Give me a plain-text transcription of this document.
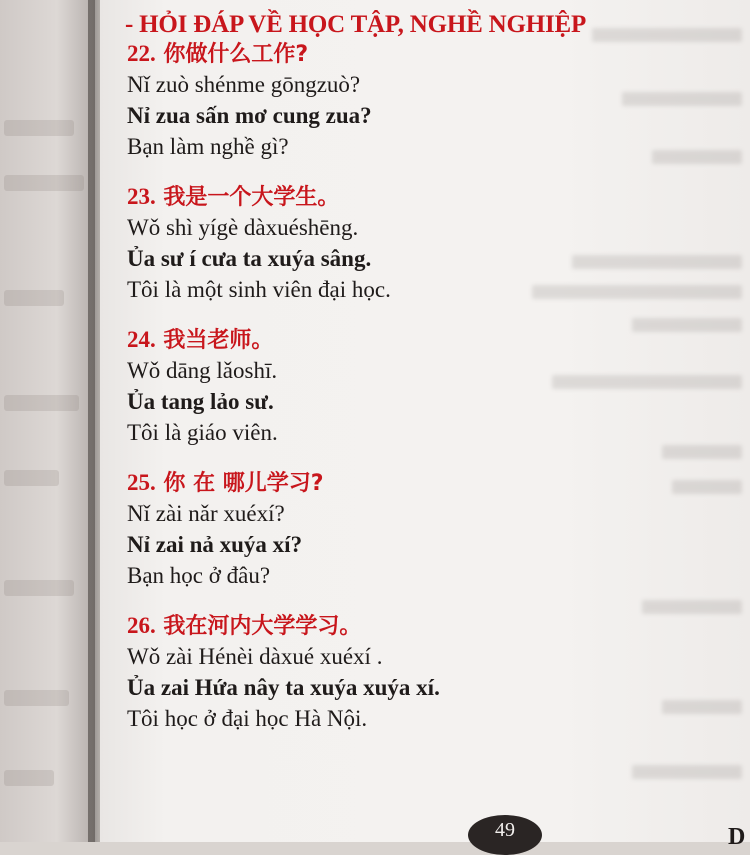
- HỎI ĐÁP VỀ HỌC TẬP, NGHỀ NGHIỆP
22. 你做什么工作?
Nǐ zuò shénme gōngzuò?
Nỉ zua sấn mơ cung zua?
Bạn làm nghề gì?
23. 我是一个大学生。
Wǒ shì yígè dàxuéshēng.
Ủa sư í cưa ta xuýa sâng.
Tôi là một sinh viên đại học.
24. 我当老师。
Wǒ dāng lǎoshī.
Ủa tang lảo sư.
Tôi là giáo viên.
25. 你 在 哪儿学习?
Nǐ zài nǎr xuéxí?
Nỉ zai nả xuýa xí?
Bạn học ở đâu?
26. 我在河内大学学习。
Wǒ zài Hénèi dàxué xuéxí .
Ủa zai Hứa nây ta xuýa xuýa xí.
Tôi học ở đại học Hà Nội.
49	D
